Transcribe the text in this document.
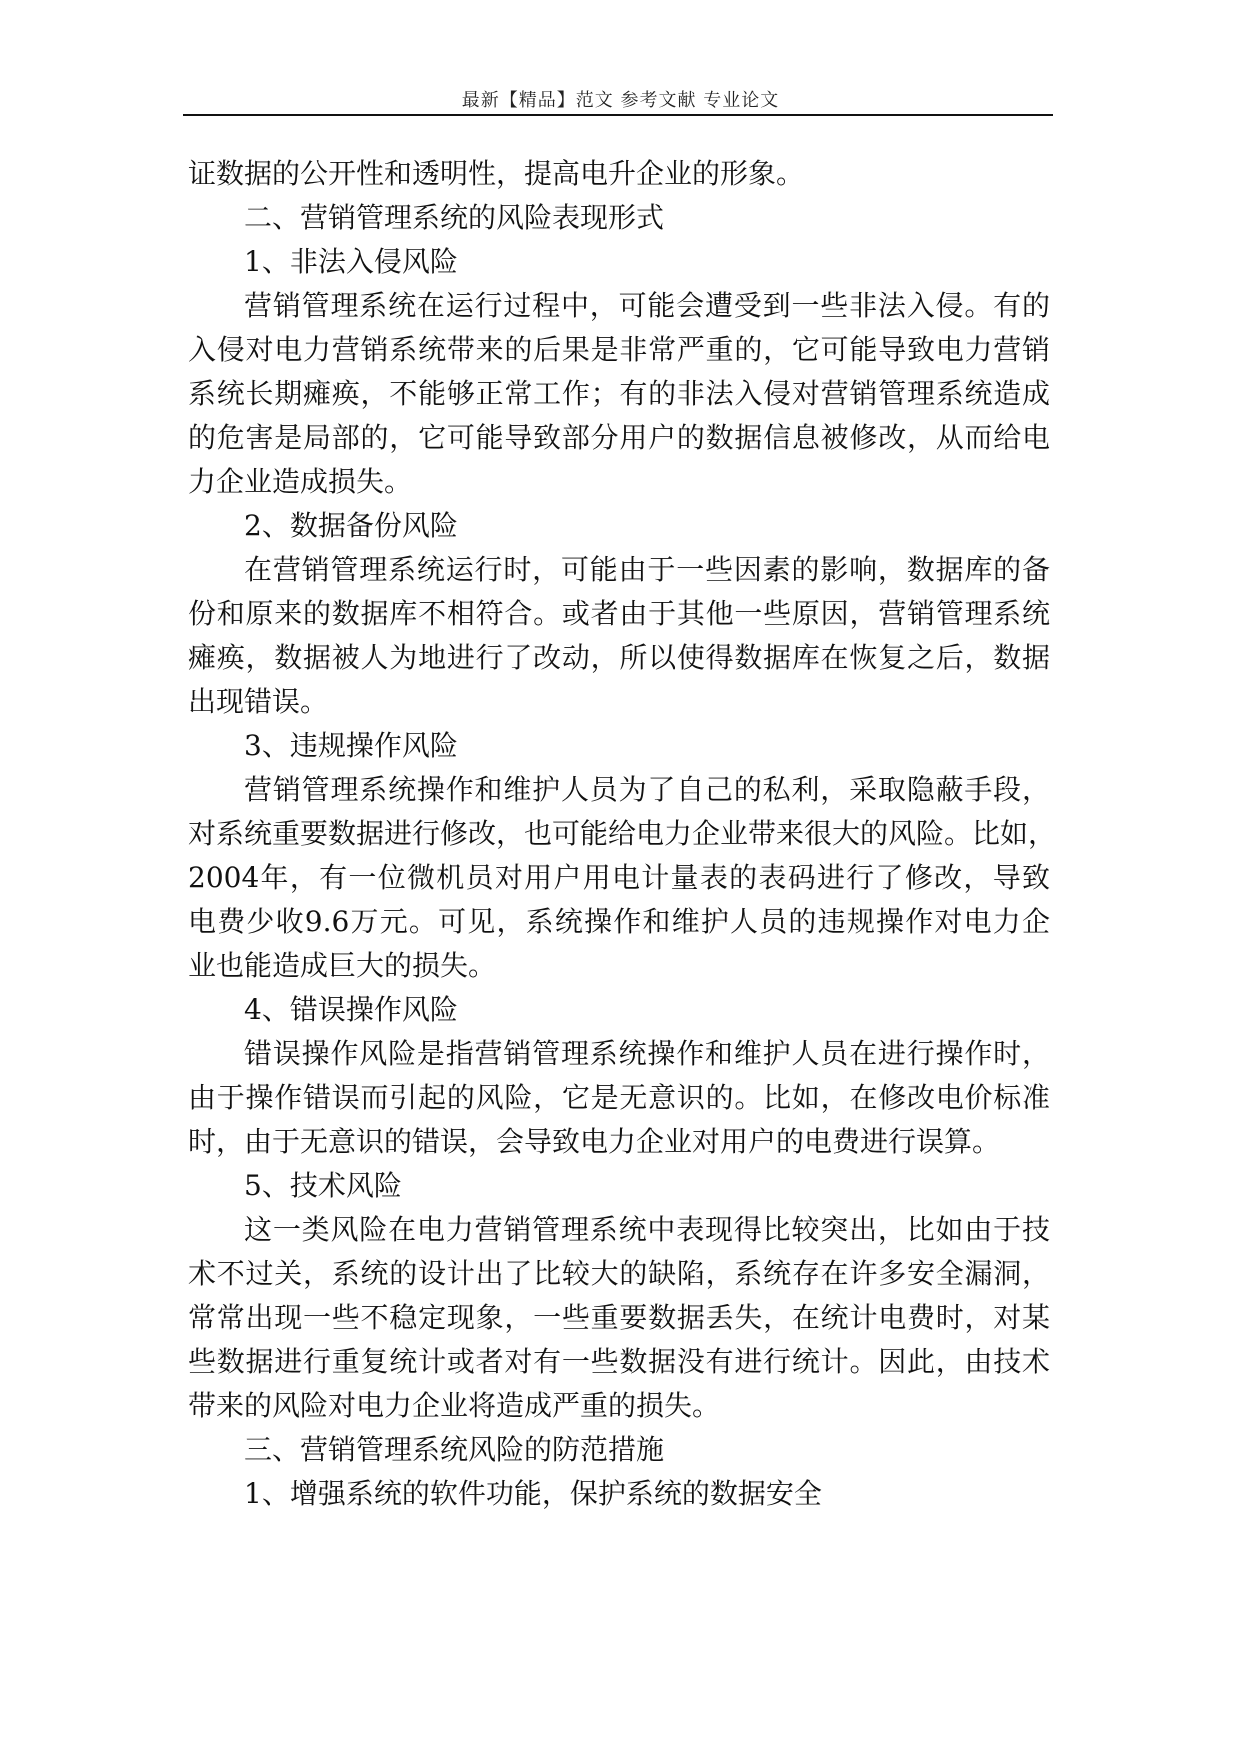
最新【精品】范文 参考文献 专业论文
证数据的公开性和透明性，提高电升企业的形象。
二、营销管理系统的风险表现形式
1、非法入侵风险
营销管理系统在运行过程中，可能会遭受到一些非法入侵。有的
入侵对电力营销系统带来的后果是非常严重的，它可能导致电力营销
系统长期瘫痪，不能够正常工作；有的非法入侵对营销管理系统造成
的危害是局部的，它可能导致部分用户的数据信息被修改，从而给电
力企业造成损失。
2、数据备份风险
在营销管理系统运行时，可能由于一些因素的影响，数据库的备
份和原来的数据库不相符合。或者由于其他一些原因，营销管理系统
瘫痪，数据被人为地进行了改动，所以使得数据库在恢复之后，数据
出现错误。
3、违规操作风险
营销管理系统操作和维护人员为了自己的私利，采取隐蔽手段，
对系统重要数据进行修改，也可能给电力企业带来很大的风险。比如，
2004年，有一位微机员对用户用电计量表的表码进行了修改，导致
电费少收9.6万元。可见，系统操作和维护人员的违规操作对电力企
业也能造成巨大的损失。
4、错误操作风险
错误操作风险是指营销管理系统操作和维护人员在进行操作时，
由于操作错误而引起的风险，它是无意识的。比如，在修改电价标准
时，由于无意识的错误，会导致电力企业对用户的电费进行误算。
5、技术风险
这一类风险在电力营销管理系统中表现得比较突出，比如由于技
术不过关，系统的设计出了比较大的缺陷，系统存在许多安全漏洞，
常常出现一些不稳定现象，一些重要数据丢失，在统计电费时，对某
些数据进行重复统计或者对有一些数据没有进行统计。因此，由技术
带来的风险对电力企业将造成严重的损失。
三、营销管理系统风险的防范措施
1、增强系统的软件功能，保护系统的数据安全
